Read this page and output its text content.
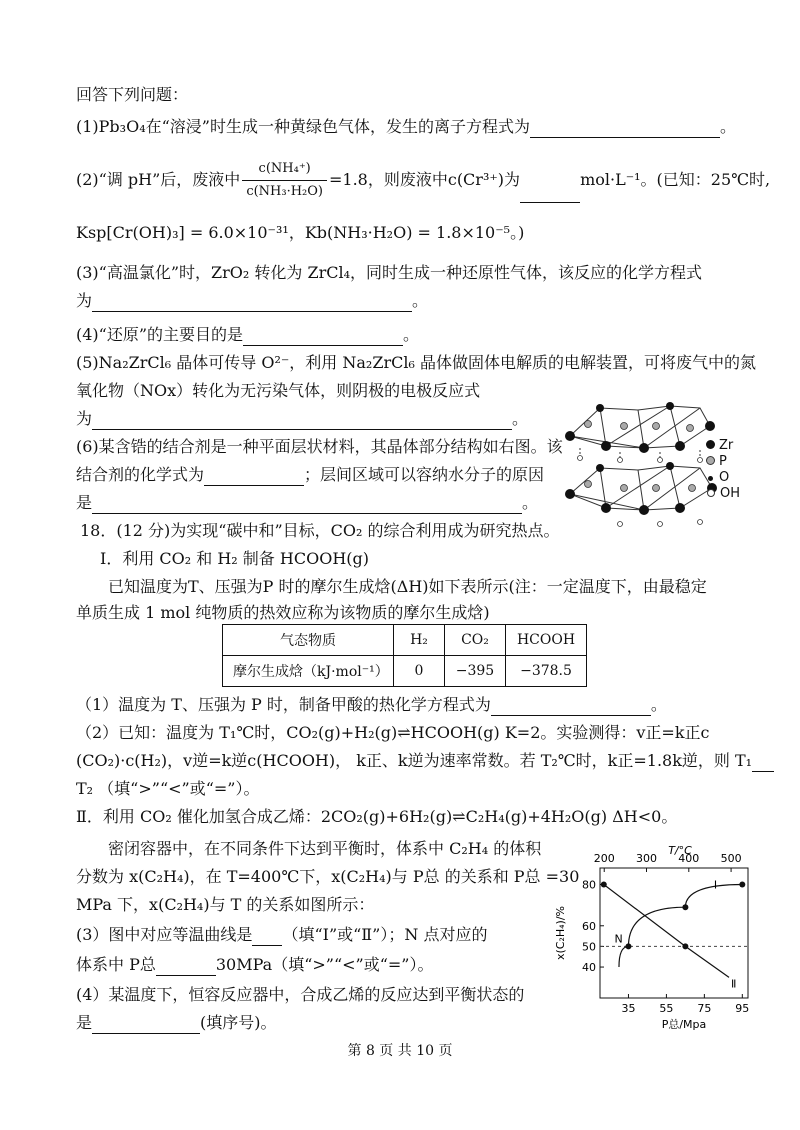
回答下列问题：
(1)Pb₃O₄在“溶浸”时生成一种黄绿色气体，发生的离子方程式为	。
(2)“调 pH”后，废液中 $\frac{\text{c(NH₄⁺)}}{\text{c(NH₃·H₂O)}} =1.8$，则废液中c(Cr³⁺)为	mol·L⁻¹。(已知：25℃时,
Ksp[Cr(OH)₃] = 6.0×10⁻³¹，Kb(NH₃·H₂O) = 1.8×10⁻⁵。)
(3)“高温氯化”时，ZrO₂ 转化为 ZrCl₄，同时生成一种还原性气体，该反应的化学方程式
为	。
(4)“还原”的主要目的是	。
(5)Na₂ZrCl₆ 晶体可传导 O²⁻，利用 Na₂ZrCl₆ 晶体做固体电解质的电解装置，可将废气中的氮
氧化物（NOx）转化为无污染气体，则阴极的电极反应式
为	。
(6)某含锆的结合剂是一种平面层状材料，其晶体部分结构如右图。该
结合剂的化学式为	；层间区域可以容纳水分子的原因
是	。
Zr
P
O
OH
18．(12 分)为实现“碳中和”目标，CO₂ 的综合利用成为研究热点。
Ⅰ．利用 CO₂ 和 H₂ 制备 HCOOH(g)
已知温度为T、压强为P 时的摩尔生成焓(ΔH)如下表所示(注：一定温度下，由最稳定
单质生成 1 mol 纯物质的热效应称为该物质的摩尔生成焓)
气态物质	H₂	CO₂	HCOOH
摩尔生成焓（kJ·mol⁻¹）	0	−395	−378.5
（1）温度为 T、压强为 P 时，制备甲酸的热化学方程式为	。
（2）已知：温度为 T₁℃时，CO₂(g)+H₂(g)⇌HCOOH(g) K=2。实验测得：v正=k正c
(CO₂)·c(H₂)，v逆=k逆c(HCOOH)， k正、k逆为速率常数。若 T₂℃时，k正=1.8k逆，则 T₁
T₂ （填“>”“<”或“=”）。
Ⅱ．利用 CO₂ 催化加氢合成乙烯：2CO₂(g)+6H₂(g)⇌C₂H₄(g)+4H₂O(g) ΔH<0。
密闭容器中，在不同条件下达到平衡时，体系中 C₂H₄ 的体积
分数为 x(C₂H₄)，在 T=400℃下，x(C₂H₄)与 P总 的关系和 P总 =30
MPa 下，x(C₂H₄)与 T 的关系如图所示：
(3）图中对应等温曲线是 （填“Ⅰ”或“Ⅱ”）；N 点对应的
体系中 P总	30MPa（填“>”“<”或“=”）。
(4）某温度下，恒容反应器中，合成乙烯的反应达到平衡状态的
是	(填序号)。
35 55 75 95
P总/Mpa
200 300 400 500
T/°C
40
50
60
80
x(C₂H₄)/%
Ⅰ
Ⅱ
N
第 8 页 共 10 页
